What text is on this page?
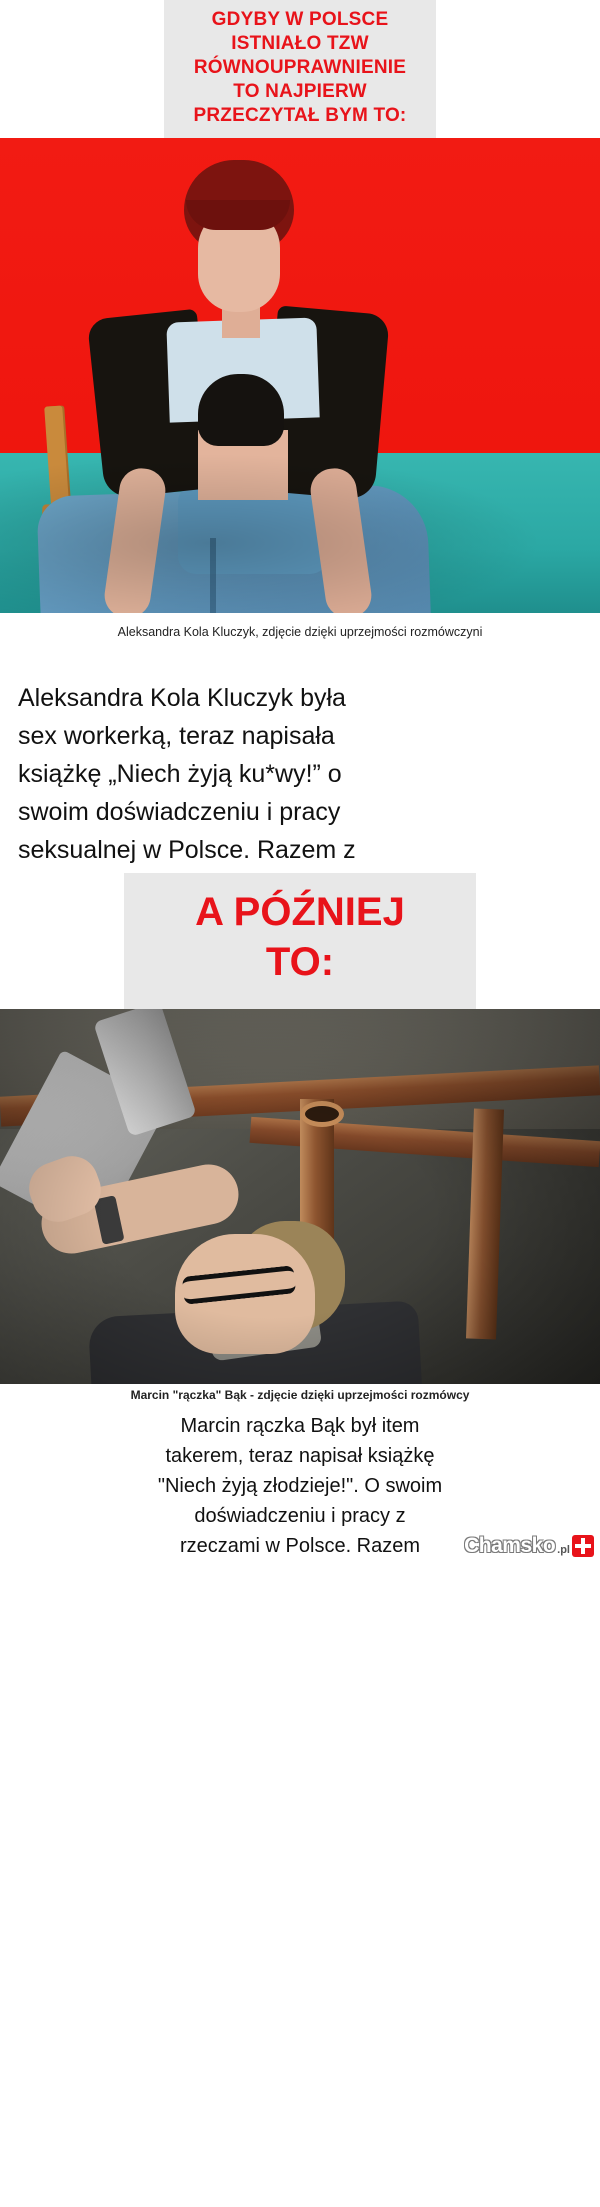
GDYBY W POLSCE
ISTNIAŁO TZW
RÓWNOUPRAWNIENIE
TO NAJPIERW
PRZECZYTAŁ BYM TO:
Aleksandra Kola Kluczyk, zdjęcie dzięki uprzejmości rozmówczyni
Aleksandra Kola Kluczyk była
sex workerką, teraz napisała
książkę „Niech żyją ku*wy!” o
swoim doświadczeniu i pracy
seksualnej w Polsce. Razem z
A PÓŹNIEJ
TO:
Marcin "rączka" Bąk - zdjęcie dzięki uprzejmości rozmówcy
Marcin rączka Bąk był item
takerem, teraz napisał książkę
"Niech żyją złodzieje!". O swoim
doświadczeniu i pracy z
rzeczami w Polsce. Razem	Chamsko .pl
